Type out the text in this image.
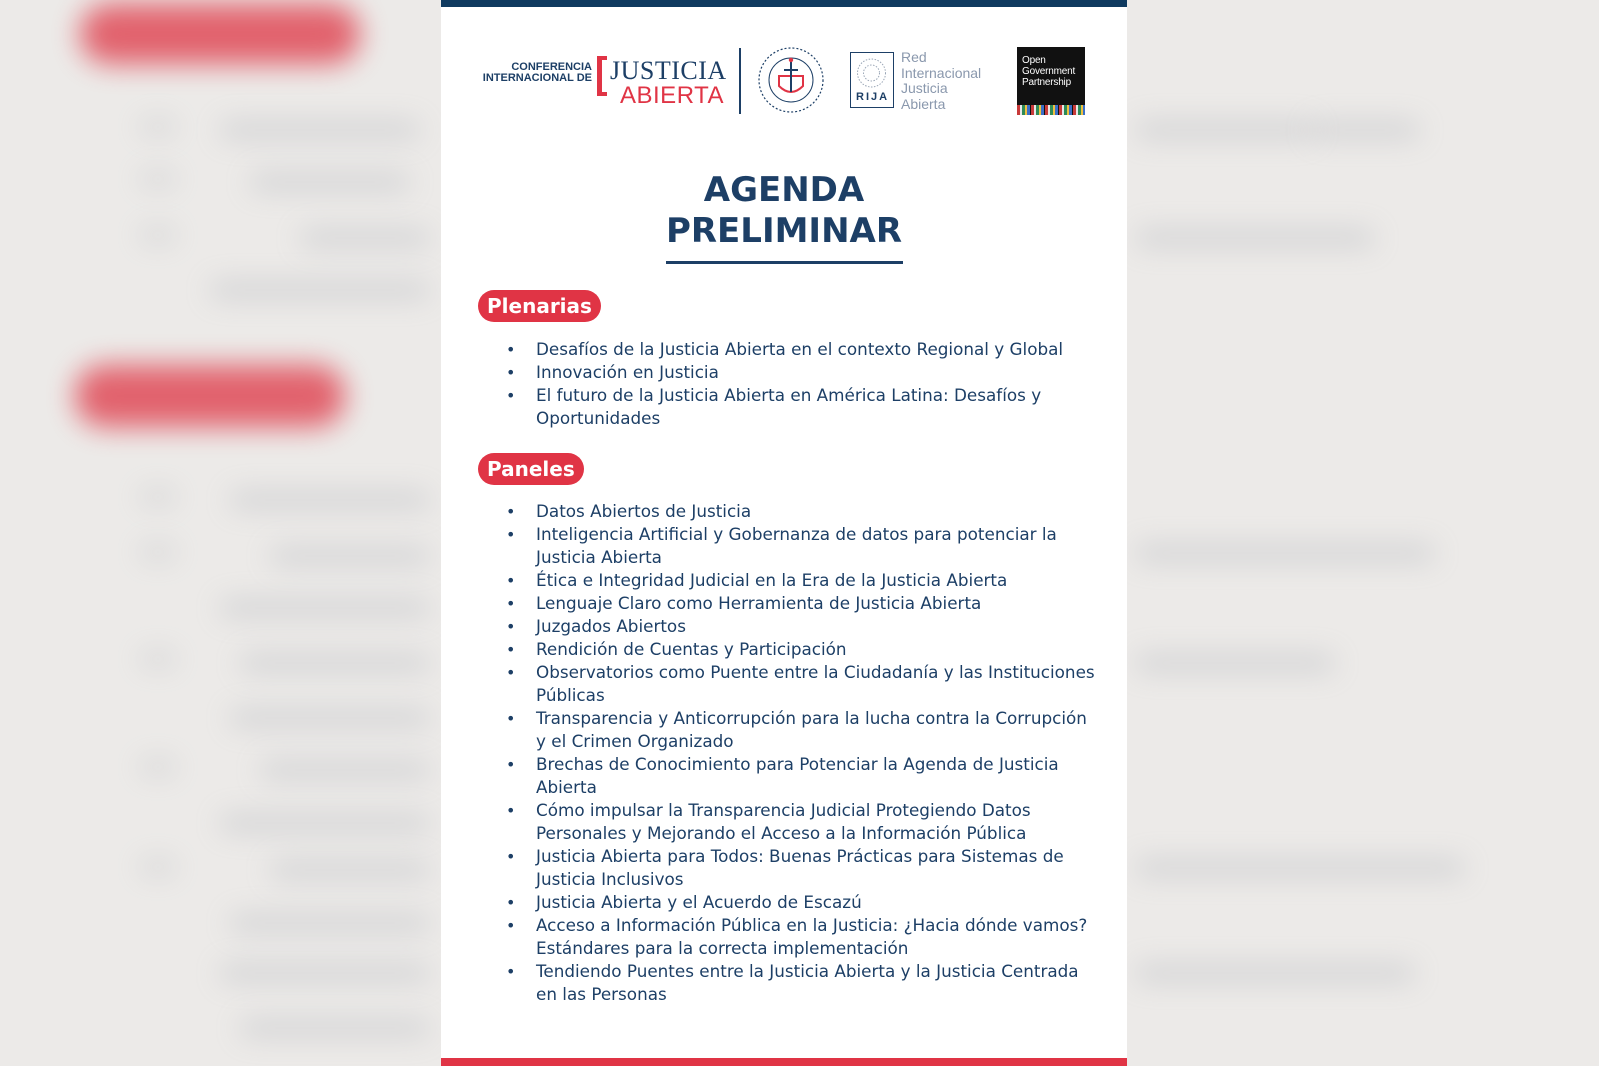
CONFERENCIA
INTERNACIONAL DE JUSTICIA
ABIERTA	RIJA
Red
Internacional
Justicia
Abierta
Open
Government
Partnership
AGENDA
PRELIMINAR
Plenarias
• Desafíos de la Justicia Abierta en el contexto Regional y Global
• Innovación en Justicia
• El futuro de la Justicia Abierta en América Latina: Desafíos y
Oportunidades
Paneles
• Datos Abiertos de Justicia
• Inteligencia Artificial y Gobernanza de datos para potenciar la
Justicia Abierta
• Ética e Integridad Judicial en la Era de la Justicia Abierta
• Lenguaje Claro como Herramienta de Justicia Abierta
• Juzgados Abiertos
• Rendición de Cuentas y Participación
• Observatorios como Puente entre la Ciudadanía y las Instituciones
Públicas
• Transparencia y Anticorrupción para la lucha contra la Corrupción
y el Crimen Organizado
• Brechas de Conocimiento para Potenciar la Agenda de Justicia
Abierta
• Cómo impulsar la Transparencia Judicial Protegiendo Datos
Personales y Mejorando el Acceso a la Información Pública
• Justicia Abierta para Todos: Buenas Prácticas para Sistemas de
Justicia Inclusivos
• Justicia Abierta y el Acuerdo de Escazú
• Acceso a Información Pública en la Justicia: ¿Hacia dónde vamos?
Estándares para la correcta implementación
• Tendiendo Puentes entre la Justicia Abierta y la Justicia Centrada
en las Personas
